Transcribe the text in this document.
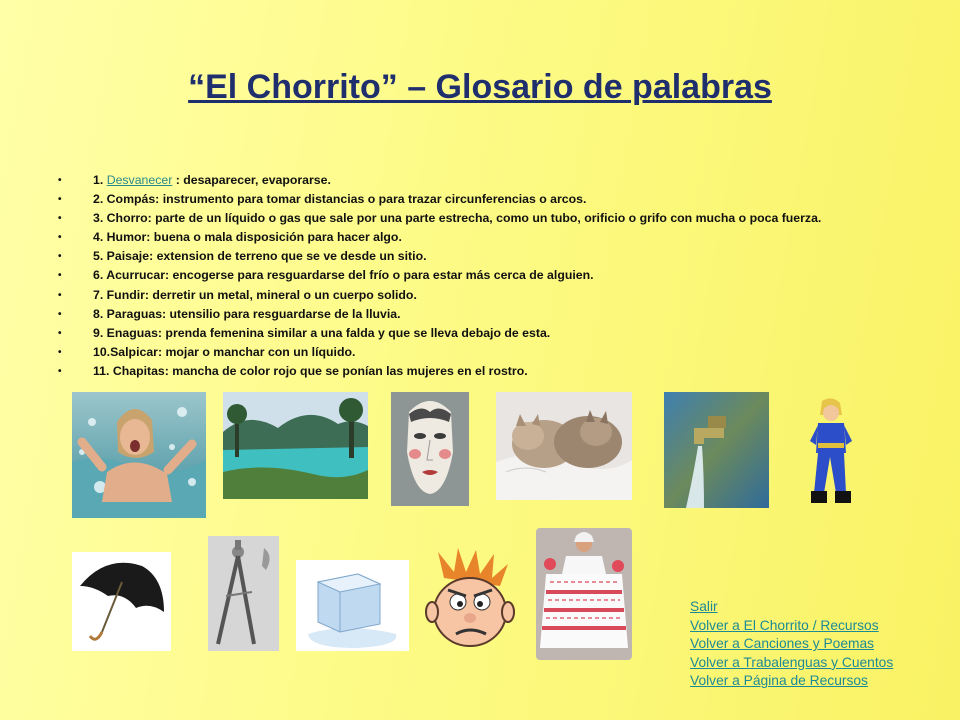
“El Chorrito” – Glosario de palabras
•	1. Desvanecer : desaparecer, evaporarse.
•	2. Compás: instrumento para tomar distancias o para trazar circunferencias o arcos.
•	3. Chorro: parte de un líquido o gas que sale por una parte estrecha, como un tubo, orificio o grifo con mucha o poca fuerza.
•	4. Humor: buena o mala disposición para hacer algo.
•	5. Paisaje: extension de terreno que se ve desde un sitio.
•	6. Acurrucar: encogerse para resguardarse del frío o para estar más cerca de alguien.
•	7. Fundir: derretir un metal, mineral o un cuerpo solido.
•	8. Paraguas: utensilio para resguardarse de la lluvia.
•	9. Enaguas: prenda femenina similar a una falda y que se lleva debajo de esta.
•	10.Salpicar: mojar o manchar con un líquido.
•	11. Chapitas: mancha de color rojo que se ponían las mujeres en el rostro.
Salir
Volver a El Chorrito / Recursos
Volver a Canciones y Poemas
Volver a Trabalenguas y Cuentos
Volver a Página de Recursos
